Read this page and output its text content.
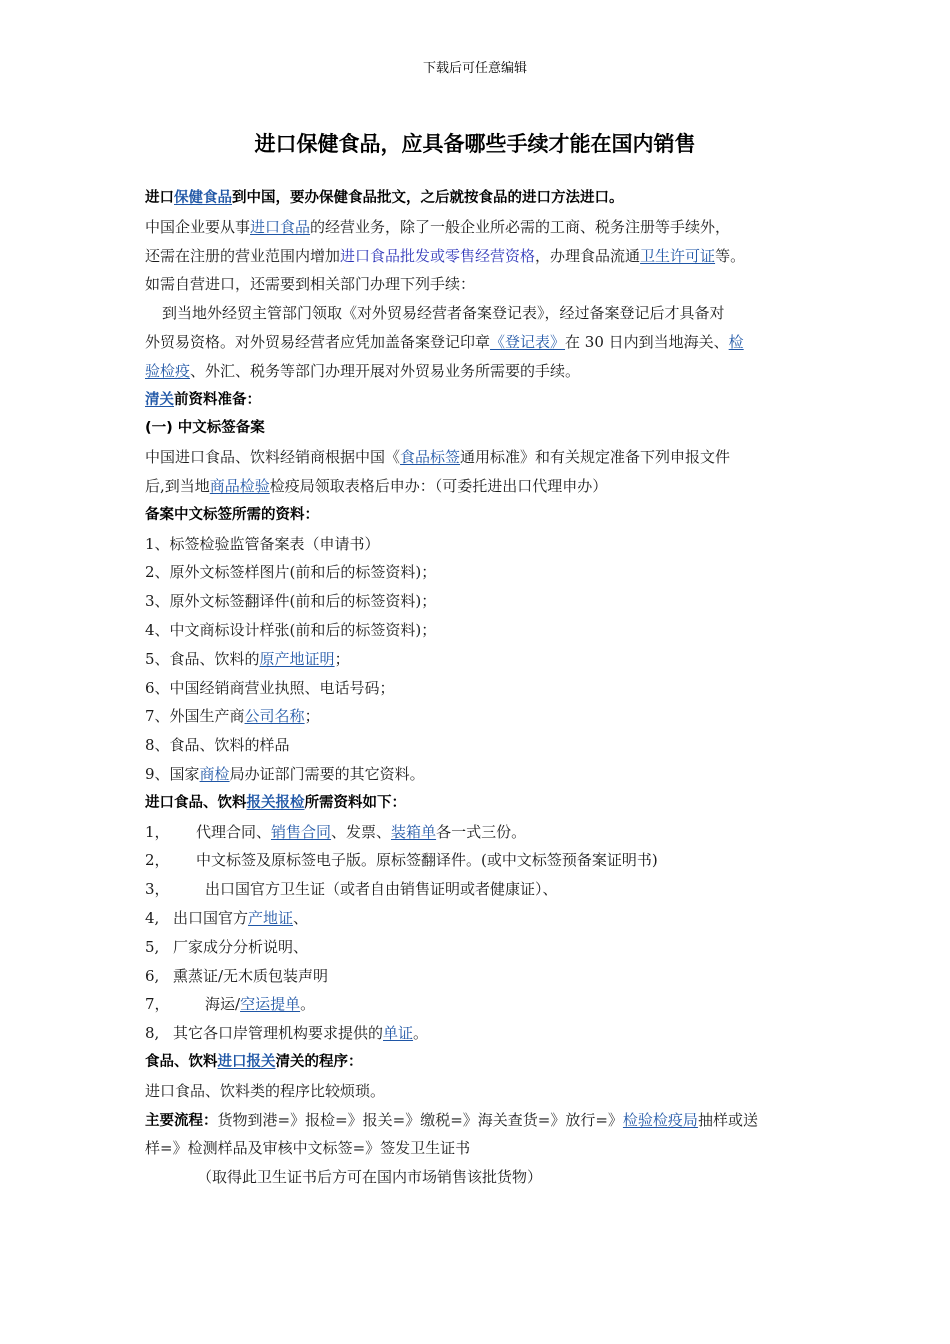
下载后可任意编辑
进口保健食品，应具备哪些手续才能在国内销售
进口保健食品到中国，要办保健食品批文，之后就按食品的进口方法进口。
中国企业要从事进口食品的经营业务，除了一般企业所必需的工商、税务注册等手续外，
还需在注册的营业范围内增加进口食品批发或零售经营资格，办理食品流通卫生许可证等。
如需自营进口，还需要到相关部门办理下列手续：
到当地外经贸主管部门领取《对外贸易经营者备案登记表》，经过备案登记后才具备对
外贸易资格。对外贸易经营者应凭加盖备案登记印章《登记表》在 30 日内到当地海关、检
验检疫、外汇、税务等部门办理开展对外贸易业务所需要的手续。
清关前资料准备：
(一) 中文标签备案
中国进口食品、饮料经销商根据中国《食品标签通用标准》和有关规定准备下列申报文件
后,到当地商品检验检疫局领取表格后申办：（可委托进出口代理申办）
备案中文标签所需的资料：
1、标签检验监管备案表（申请书）
2、原外文标签样图片(前和后的标签资料)；
3、原外文标签翻译件(前和后的标签资料)；
4、中文商标设计样张(前和后的标签资料)；
5、食品、饮料的原产地证明；
6、中国经销商营业执照、电话号码；
7、外国生产商公司名称；
8、食品、饮料的样品
9、国家商检局办证部门需要的其它资料。
进口食品、饮料报关报检所需资料如下：
1， 代理合同、销售合同、发票、装箱单各一式三份。
2， 中文标签及原标签电子版。原标签翻译件。(或中文标签预备案证明书)
3， 出口国官方卫生证（或者自由销售证明或者健康证）、
4, 出口国官方产地证、
5, 厂家成分分析说明、
6, 熏蒸证/无木质包装声明
7， 海运/空运提单。
8, 其它各口岸管理机构要求提供的单证。
食品、饮料进口报关清关的程序：
进口食品、饮料类的程序比较烦琐。
主要流程：货物到港=》报检=》报关=》缴税=》海关查货=》放行=》检验检疫局抽样或送
样=》检测样品及审核中文标签=》签发卫生证书
（取得此卫生证书后方可在国内市场销售该批货物）
